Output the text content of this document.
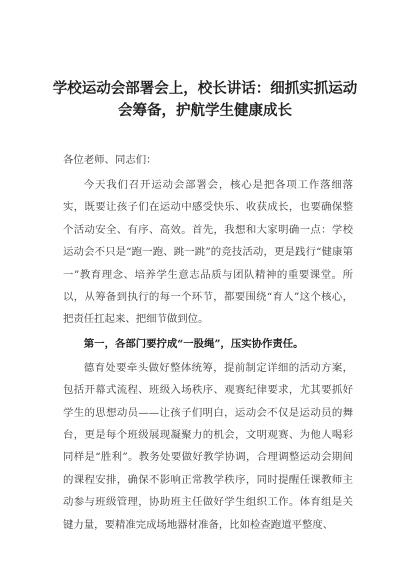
学校运动会部署会上，校长讲话：细抓实抓运动
会筹备，护航学生健康成长

各位老师、同志们：

今天我们召开运动会部署会，核心是把各项工作落细落实，既要让孩子们在运动中感受快乐、收获成长，也要确保整个活动安全、有序、高效。首先，我想和大家明确一点：学校运动会不只是“跑一跑、跳一跳”的竞技活动，更是践行“健康第一”教育理念、培养学生意志品质与团队精神的重要课堂。所以，从筹备到执行的每一个环节，都要围绕“育人”这个核心，把责任扛起来、把细节做到位。

第一，各部门要拧成“一股绳”，压实协作责任。

德育处要牵头做好整体统筹，提前制定详细的活动方案，包括开幕式流程、班级入场秩序、观赛纪律要求，尤其要抓好学生的思想动员——让孩子们明白，运动会不仅是运动员的舞台，更是每个班级展现凝聚力的机会，文明观赛、为他人喝彩同样是“胜利”。教务处要做好教学协调，合理调整运动会期间的课程安排，确保不影响正常教学秩序，同时提醒任课教师主动参与班级管理，协助班主任做好学生组织工作。体育组是关键力量，要精准完成场地器材准备，比如检查跑道平整度、
